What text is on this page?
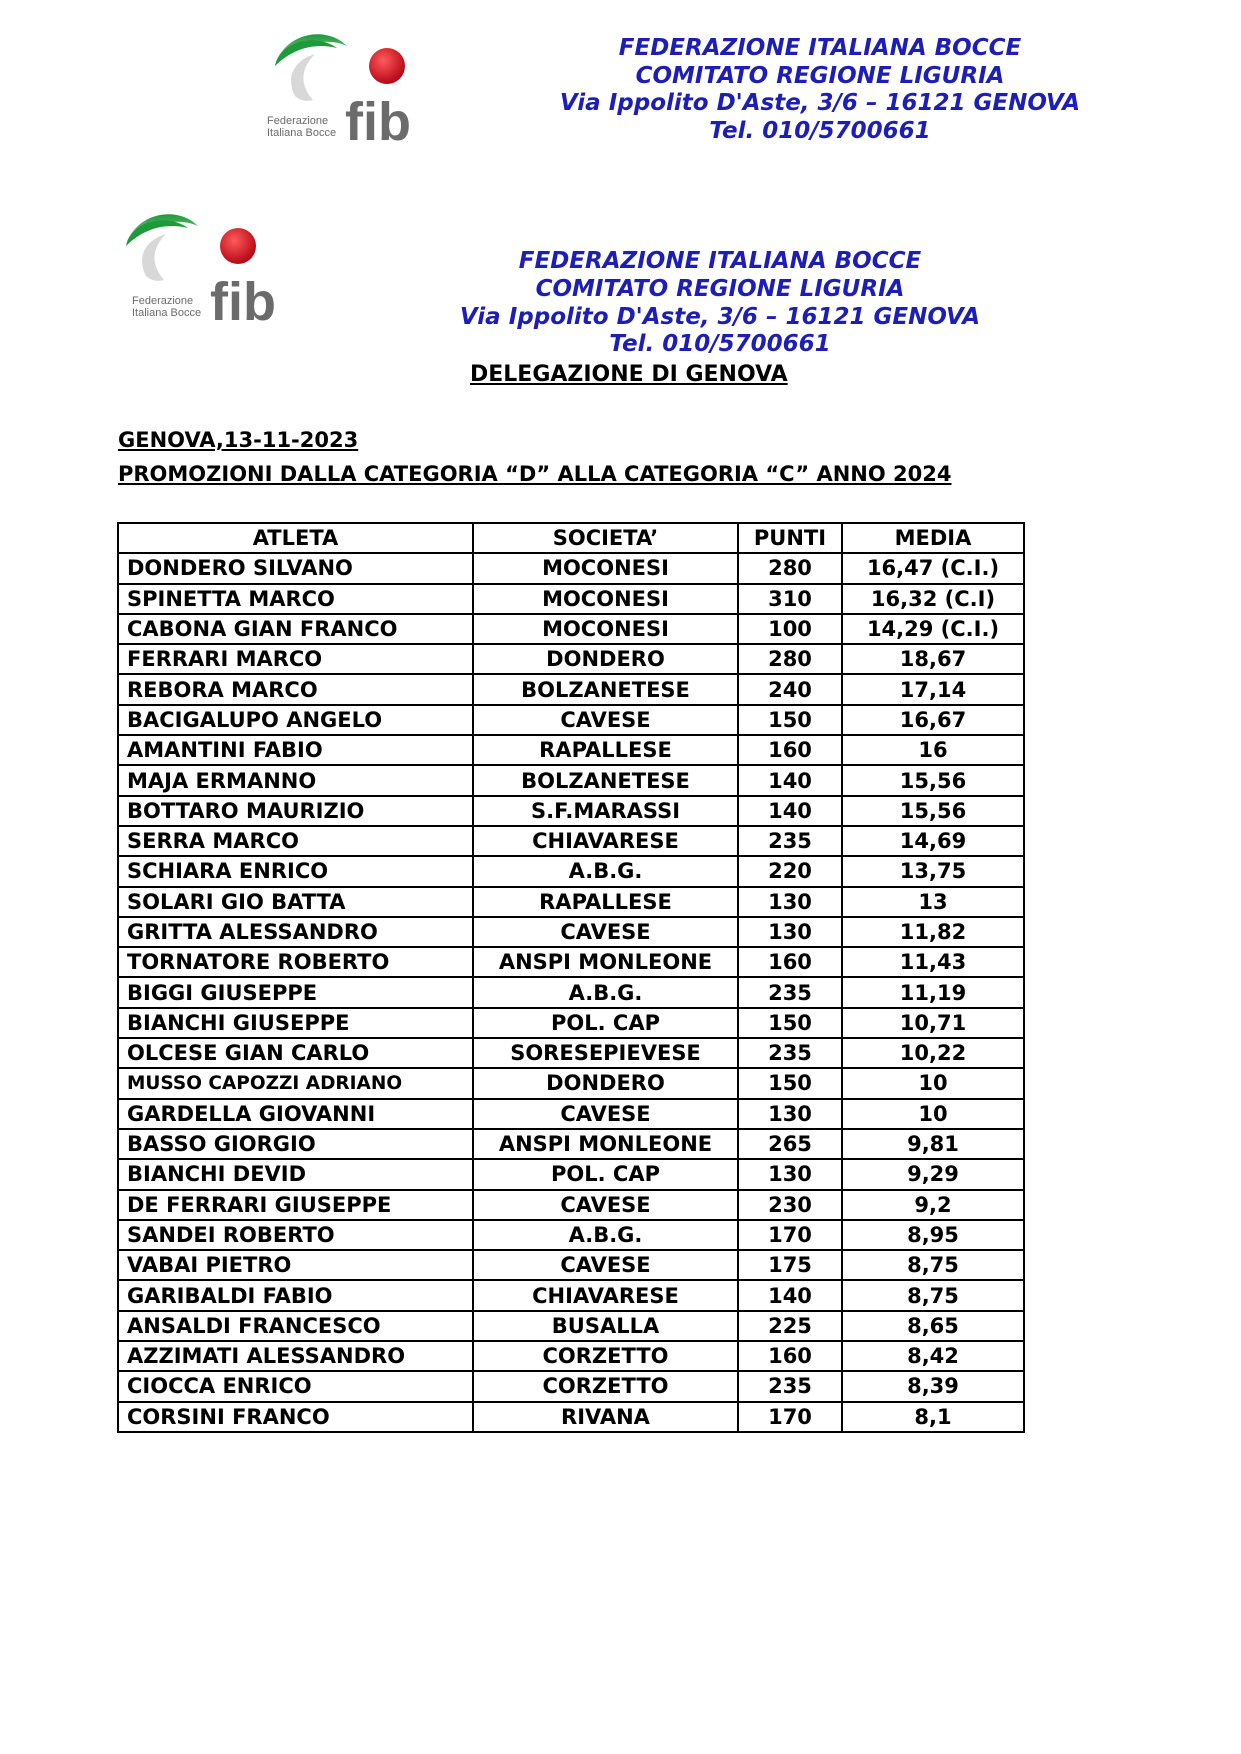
Federazione
Italiana Bocce fib
FEDERAZIONE ITALIANA BOCCE
COMITATO REGIONE LIGURIA
Via Ippolito D'Aste, 3/6 – 16121 GENOVA
Tel. 010/5700661
Federazione
Italiana Bocce fib
FEDERAZIONE ITALIANA BOCCE
COMITATO REGIONE LIGURIA
Via Ippolito D'Aste, 3/6 – 16121 GENOVA
Tel. 010/5700661
DELEGAZIONE DI GENOVA
GENOVA,13-11-2023
PROMOZIONI DALLA CATEGORIA “D” ALLA CATEGORIA “C” ANNO 2024
ATLETA	SOCIETA’	PUNTI	MEDIA
DONDERO SILVANO	MOCONESI	280	16,47 (C.I.)
SPINETTA MARCO	MOCONESI	310	16,32 (C.I)
CABONA GIAN FRANCO	MOCONESI	100	14,29 (C.I.)
FERRARI MARCO	DONDERO	280	18,67
REBORA MARCO	BOLZANETESE	240	17,14
BACIGALUPO ANGELO	CAVESE	150	16,67
AMANTINI FABIO	RAPALLESE	160	16
MAJA ERMANNO	BOLZANETESE	140	15,56
BOTTARO MAURIZIO	S.F.MARASSI	140	15,56
SERRA MARCO	CHIAVARESE	235	14,69
SCHIARA ENRICO	A.B.G.	220	13,75
SOLARI GIO BATTA	RAPALLESE	130	13
GRITTA ALESSANDRO	CAVESE	130	11,82
TORNATORE ROBERTO	ANSPI MONLEONE	160	11,43
BIGGI GIUSEPPE	A.B.G.	235	11,19
BIANCHI GIUSEPPE	POL. CAP	150	10,71
OLCESE GIAN CARLO	SORESEPIEVESE	235	10,22
MUSSO CAPOZZI ADRIANO	DONDERO	150	10
GARDELLA GIOVANNI	CAVESE	130	10
BASSO GIORGIO	ANSPI MONLEONE	265	9,81
BIANCHI DEVID	POL. CAP	130	9,29
DE FERRARI GIUSEPPE	CAVESE	230	9,2
SANDEI ROBERTO	A.B.G.	170	8,95
VABAI PIETRO	CAVESE	175	8,75
GARIBALDI FABIO	CHIAVARESE	140	8,75
ANSALDI FRANCESCO	BUSALLA	225	8,65
AZZIMATI ALESSANDRO	CORZETTO	160	8,42
CIOCCA ENRICO	CORZETTO	235	8,39
CORSINI FRANCO	RIVANA	170	8,1
